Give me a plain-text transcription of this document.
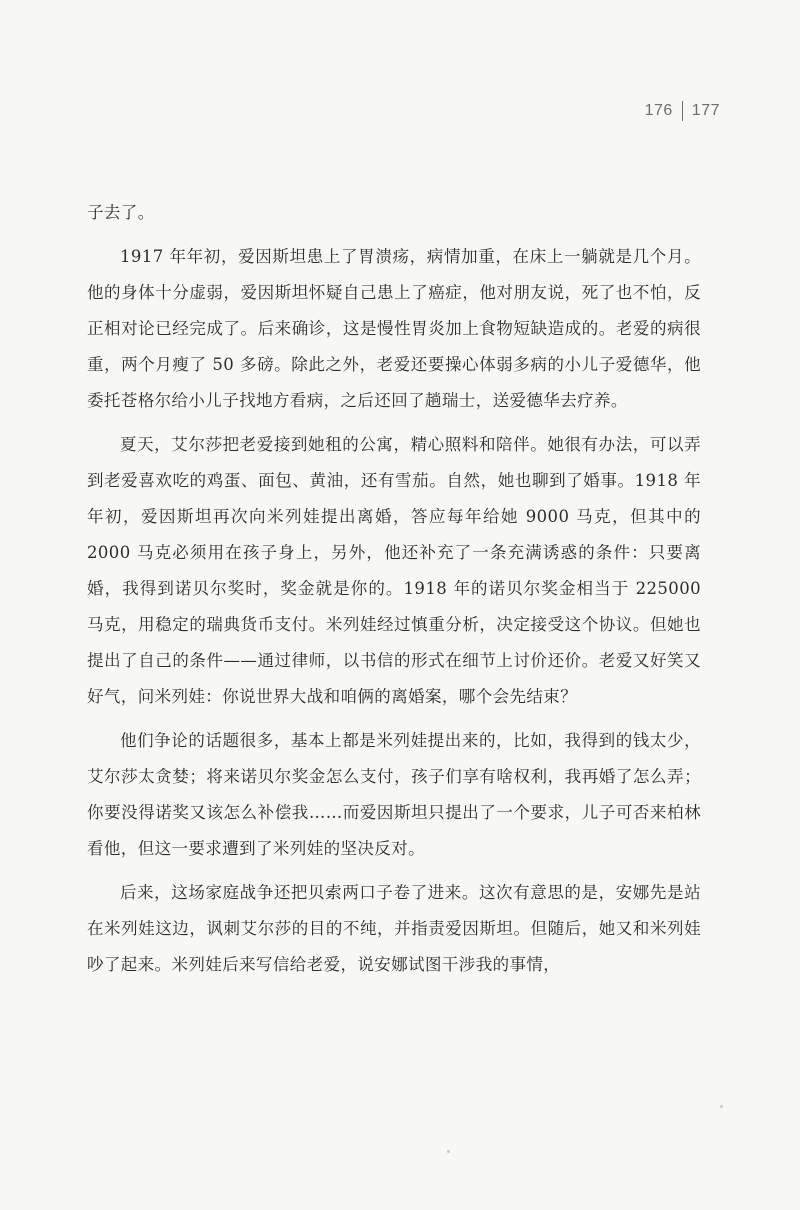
176 177

子去了。

1917 年年初，爱因斯坦患上了胃溃疡，病情加重，在床上一躺就是几个月。他的身体十分虚弱，爱因斯坦怀疑自己患上了癌症，他对朋友说，死了也不怕，反正相对论已经完成了。后来确诊，这是慢性胃炎加上食物短缺造成的。老爱的病很重，两个月瘦了 50 多磅。除此之外，老爱还要操心体弱多病的小儿子爱德华，他委托苍格尔给小儿子找地方看病，之后还回了趟瑞士，送爱德华去疗养。

夏天，艾尔莎把老爱接到她租的公寓，精心照料和陪伴。她很有办法，可以弄到老爱喜欢吃的鸡蛋、面包、黄油，还有雪茄。自然，她也聊到了婚事。1918 年年初，爱因斯坦再次向米列娃提出离婚，答应每年给她 9000 马克，但其中的 2000 马克必须用在孩子身上，另外，他还补充了一条充满诱惑的条件：只要离婚，我得到诺贝尔奖时，奖金就是你的。1918 年的诺贝尔奖金相当于 225000 马克，用稳定的瑞典货币支付。米列娃经过慎重分析，决定接受这个协议。但她也提出了自己的条件——通过律师，以书信的形式在细节上讨价还价。老爱又好笑又好气，问米列娃：你说世界大战和咱俩的离婚案，哪个会先结束？

他们争论的话题很多，基本上都是米列娃提出来的，比如，我得到的钱太少，艾尔莎太贪婪；将来诺贝尔奖金怎么支付，孩子们享有啥权利，我再婚了怎么弄；你要没得诺奖又该怎么补偿我……而爱因斯坦只提出了一个要求，儿子可否来柏林看他，但这一要求遭到了米列娃的坚决反对。

后来，这场家庭战争还把贝索两口子卷了进来。这次有意思的是，安娜先是站在米列娃这边，讽刺艾尔莎的目的不纯，并指责爱因斯坦。但随后，她又和米列娃吵了起来。米列娃后来写信给老爱，说安娜试图干涉我的事情，
